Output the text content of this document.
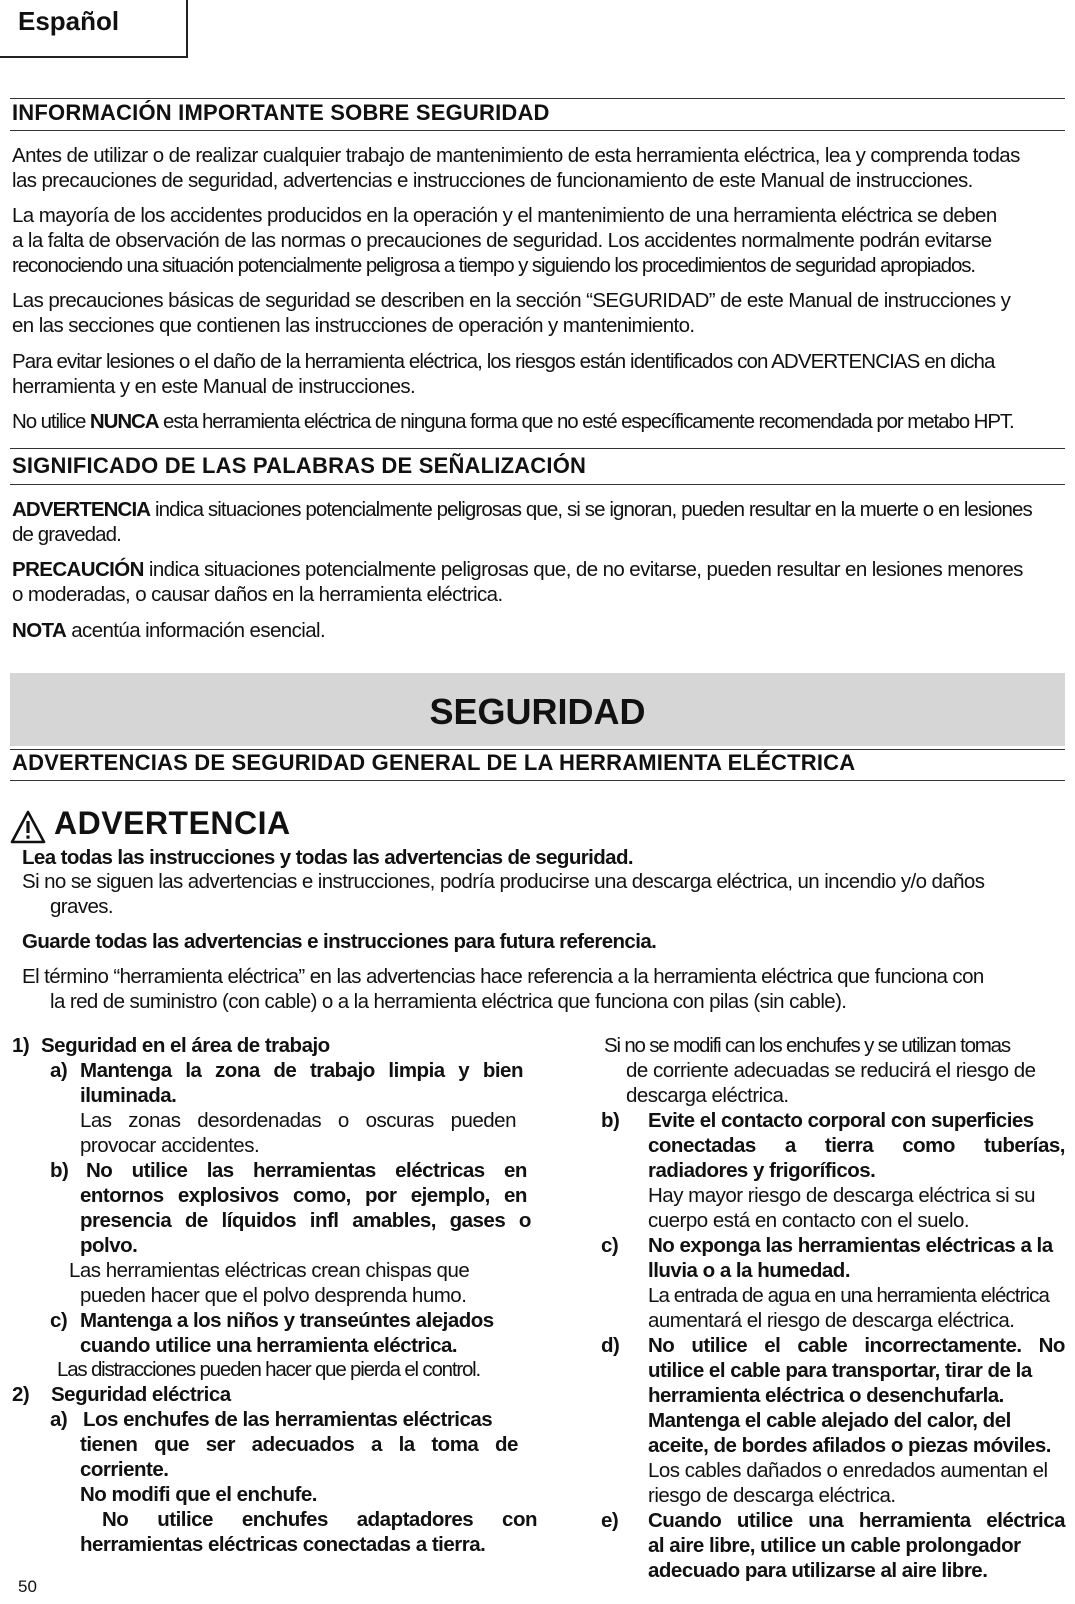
Español
INFORMACIÓN IMPORTANTE SOBRE SEGURIDAD
Antes de utilizar o de realizar cualquier trabajo de mantenimiento de esta herramienta eléctrica, lea y comprenda todas
las precauciones de seguridad, advertencias e instrucciones de funcionamiento de este Manual de instrucciones.
La mayoría de los accidentes producidos en la operación y el mantenimiento de una herramienta eléctrica se deben
a la falta de observación de las normas o precauciones de seguridad. Los accidentes normalmente podrán evitarse
reconociendo una situación potencialmente peligrosa a tiempo y siguiendo los procedimientos de seguridad apropiados.
Las precauciones básicas de seguridad se describen en la sección “SEGURIDAD” de este Manual de instrucciones y
en las secciones que contienen las instrucciones de operación y mantenimiento.
Para evitar lesiones o el daño de la herramienta eléctrica, los riesgos están identificados con ADVERTENCIAS en dicha
herramienta y en este Manual de instrucciones.
No utilice NUNCA esta herramienta eléctrica de ninguna forma que no esté específicamente recomendada por metabo HPT.
SIGNIFICADO DE LAS PALABRAS DE SEÑALIZACIÓN
ADVERTENCIA indica situaciones potencialmente peligrosas que, si se ignoran, pueden resultar en la muerte o en lesiones
de gravedad.
PRECAUCIÓN indica situaciones potencialmente peligrosas que, de no evitarse, pueden resultar en lesiones menores
o moderadas, o causar daños en la herramienta eléctrica.
NOTA acentúa información esencial.
SEGURIDAD
ADVERTENCIAS DE SEGURIDAD GENERAL DE LA HERRAMIENTA ELÉCTRICA
ADVERTENCIA
Lea todas las instrucciones y todas las advertencias de seguridad.
Si no se siguen las advertencias e instrucciones, podría producirse una descarga eléctrica, un incendio y/o daños
graves.
Guarde todas las advertencias e instrucciones para futura referencia.
El término “herramienta eléctrica” en las advertencias hace referencia a la herramienta eléctrica que funciona con
la red de suministro (con cable) o a la herramienta eléctrica que funciona con pilas (sin cable).
1) Seguridad en el área de trabajo
a) Mantenga la zona de trabajo limpia y bien
iluminada.
Las zonas desordenadas o oscuras pueden
provocar accidentes.
b) No utilice las herramientas eléctricas en
entornos explosivos como, por ejemplo, en
presencia de líquidos infl amables, gases o
polvo.
Las herramientas eléctricas crean chispas que
pueden hacer que el polvo desprenda humo.
c) Mantenga a los niños y transeúntes alejados
cuando utilice una herramienta eléctrica.
Las distracciones pueden hacer que pierda el control.
2) Seguridad eléctrica
a) Los enchufes de las herramientas eléctricas
tienen que ser adecuados a la toma de
corriente.
No modifi que el enchufe.
No utilice enchufes adaptadores con
herramientas eléctricas conectadas a tierra.
Si no se modifi can los enchufes y se utilizan tomas
de corriente adecuadas se reducirá el riesgo de
descarga eléctrica.
b) Evite el contacto corporal con superficies
conectadas a tierra como tuberías,
radiadores y frigoríficos.
Hay mayor riesgo de descarga eléctrica si su
cuerpo está en contacto con el suelo.
c) No exponga las herramientas eléctricas a la
lluvia o a la humedad.
La entrada de agua en una herramienta eléctrica
aumentará el riesgo de descarga eléctrica.
d) No utilice el cable incorrectamente. No
utilice el cable para transportar, tirar de la
herramienta eléctrica o desenchufarla.
Mantenga el cable alejado del calor, del
aceite, de bordes afilados o piezas móviles.
Los cables dañados o enredados aumentan el
riesgo de descarga eléctrica.
e) Cuando utilice una herramienta eléctrica
al aire libre, utilice un cable prolongador
adecuado para utilizarse al aire libre.
50
